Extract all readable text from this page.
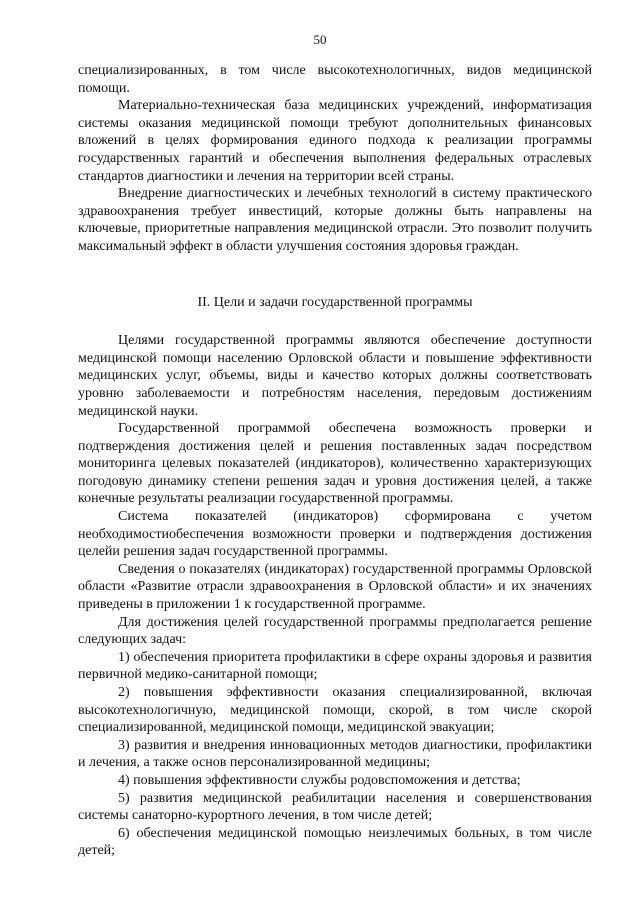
50

специализированных, в том числе высокотехнологичных, видов медицинской помощи.

Материально-техническая база медицинских учреждений, информатизация системы оказания медицинской помощи требуют дополнительных финансовых вложений в целях формирования единого подхода к реализации программы государственных гарантий и обеспечения выполнения федеральных отраслевых стандартов диагностики и лечения на территории всей страны.

Внедрение диагностических и лечебных технологий в систему практического здравоохранения требует инвестиций, которые должны быть направлены на ключевые, приоритетные направления медицинской отрасли. Это позволит получить максимальный эффект в области улучшения состояния здоровья граждан.

II. Цели и задачи государственной программы

Целями государственной программы являются обеспечение доступности медицинской помощи населению Орловской области и повышение эффективности медицинских услуг, объемы, виды и качество которых должны соответствовать уровню заболеваемости и потребностям населения, передовым достижениям медицинской науки.

Государственной программой обеспечена возможность проверки и подтверждения достижения целей и решения поставленных задач посредством мониторинга целевых показателей (индикаторов), количественно характеризующих погодовую динамику степени решения задач и уровня достижения целей, а также конечные результаты реализации государственной программы.

Система показателей (индикаторов) сформирована с учетом необходимостиобеспечения возможности проверки и подтверждения достижения целейи решения задач государственной программы.

Сведения о показателях (индикаторах) государственной программы Орловской области «Развитие отрасли здравоохранения в Орловской области» и их значениях приведены в приложении 1 к государственной программе.

Для достижения целей государственной программы предполагается решение следующих задач:

1) обеспечения приоритета профилактики в сфере охраны здоровья и развития первичной медико-санитарной помощи;

2) повышения эффективности оказания специализированной, включая высокотехнологичную, медицинской помощи, скорой, в том числе скорой специализированной, медицинской помощи, медицинской эвакуации;

3) развития и внедрения инновационных методов диагностики, профилактики и лечения, а также основ персонализированной медицины;

4) повышения эффективности службы родовспоможения и детства;

5) развития медицинской реабилитации населения и совершенствования системы санаторно-курортного лечения, в том числе детей;

6) обеспечения медицинской помощью неизлечимых больных, в том числе детей;
